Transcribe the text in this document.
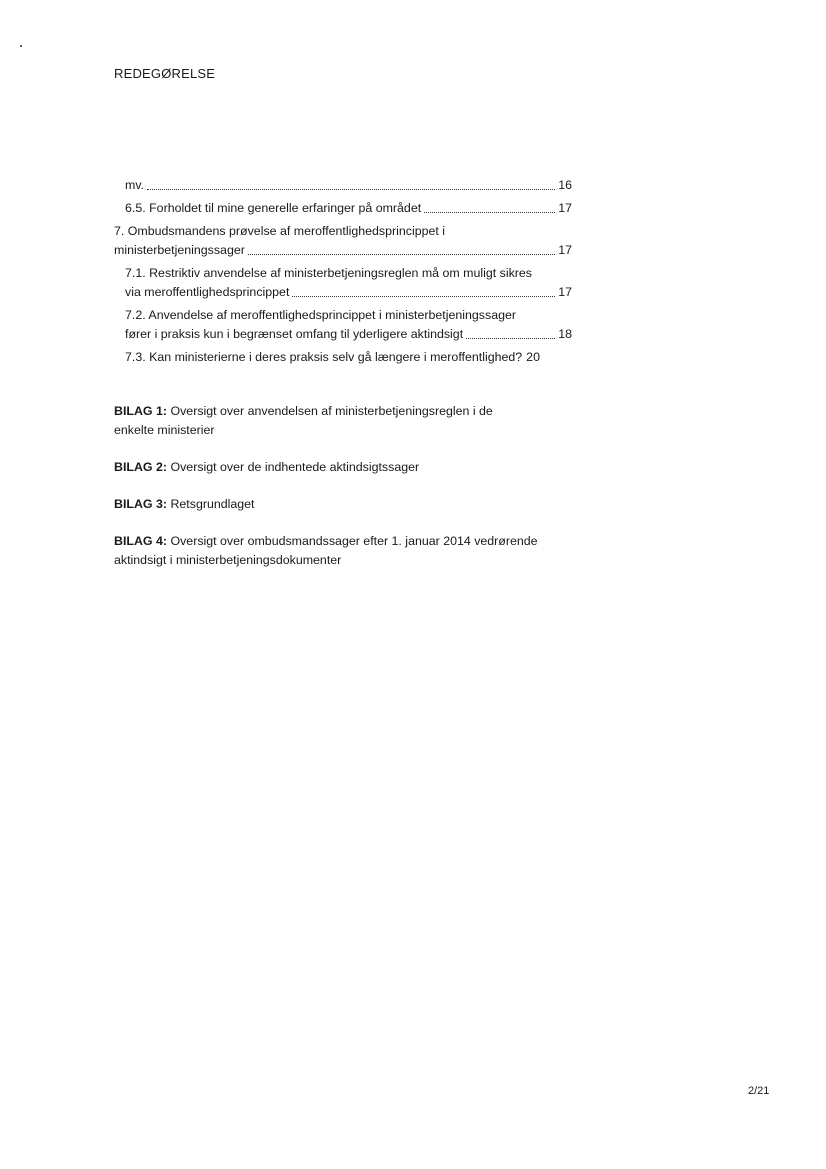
REDEGØRELSE
mv.	16
6.5. Forholdet til mine generelle erfaringer på området	17
7. Ombudsmandens prøvelse af meroffentlighedsprincippet i
ministerbetjeningssager	17
7.1. Restriktiv anvendelse af ministerbetjeningsreglen må om muligt sikres
via meroffentlighedsprincippet	17
7.2. Anvendelse af meroffentlighedsprincippet i ministerbetjeningssager
fører i praksis kun i begrænset omfang til yderligere aktindsigt	18
7.3. Kan ministerierne i deres praksis selv gå længere i meroffentlighed? 20
BILAG 1: Oversigt over anvendelsen af ministerbetjeningsreglen i de
enkelte ministerier
BILAG 2: Oversigt over de indhentede aktindsigtssager
BILAG 3: Retsgrundlaget
BILAG 4: Oversigt over ombudsmandssager efter 1. januar 2014 vedrørende
aktindsigt i ministerbetjeningsdokumenter
2/21
